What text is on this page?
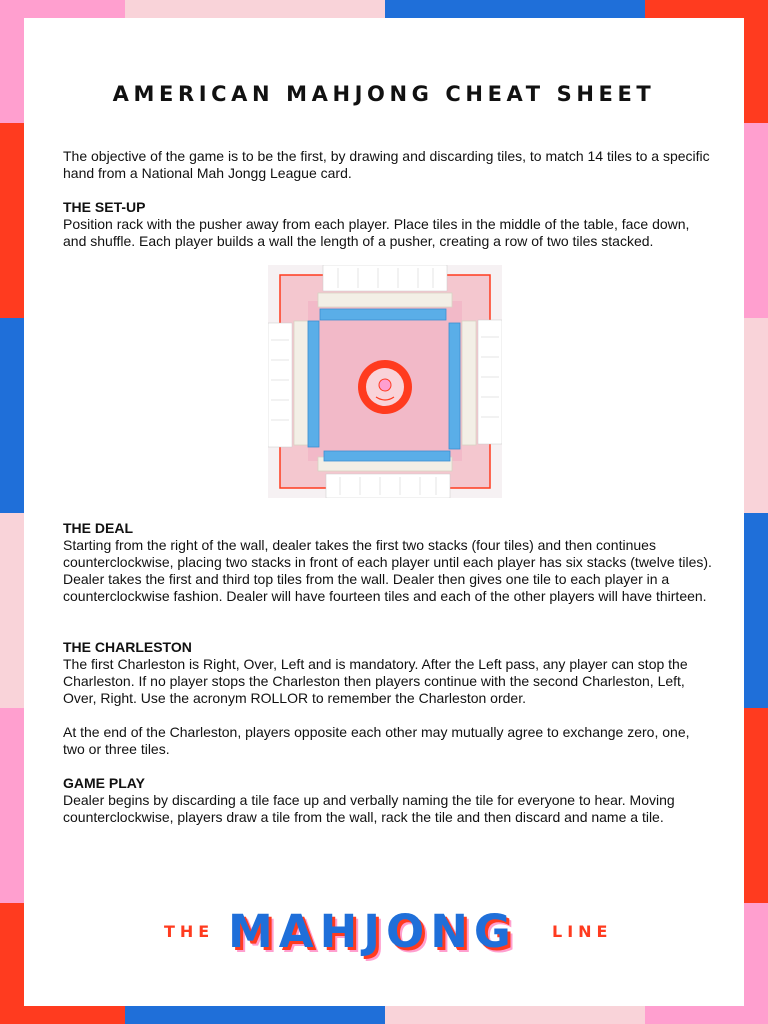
AMERICAN MAHJONG CHEAT SHEET

The objective of the game is to be the first, by drawing and discarding tiles, to match 14 tiles to a specific hand from a National Mah Jongg League card.

THE SET-UP
Position rack with the pusher away from each player. Place tiles in the middle of the table, face down, and shuffle. Each player builds a wall the length of a pusher, creating a row of two tiles stacked.

THE DEAL
Starting from the right of the wall, dealer takes the first two stacks (four tiles) and then continues counterclockwise, placing two stacks in front of each player until each player has six stacks (twelve tiles). Dealer takes the first and third top tiles from the wall. Dealer then gives one tile to each player in a counterclockwise fashion. Dealer will have fourteen tiles and each of the other players will have thirteen.

THE CHARLESTON
The first Charleston is Right, Over, Left and is mandatory. After the Left pass, any player can stop the Charleston. If no player stops the Charleston then players continue with the second Charleston, Left, Over, Right. Use the acronym ROLLOR to remember the Charleston order.

At the end of the Charleston, players opposite each other may mutually agree to exchange zero, one, two or three tiles.

GAME PLAY
Dealer begins by discarding a tile face up and verbally naming the tile for everyone to hear. Moving counterclockwise, players draw a tile from the wall, rack the tile and then discard and name a tile.

THE MAHJONG LINE
